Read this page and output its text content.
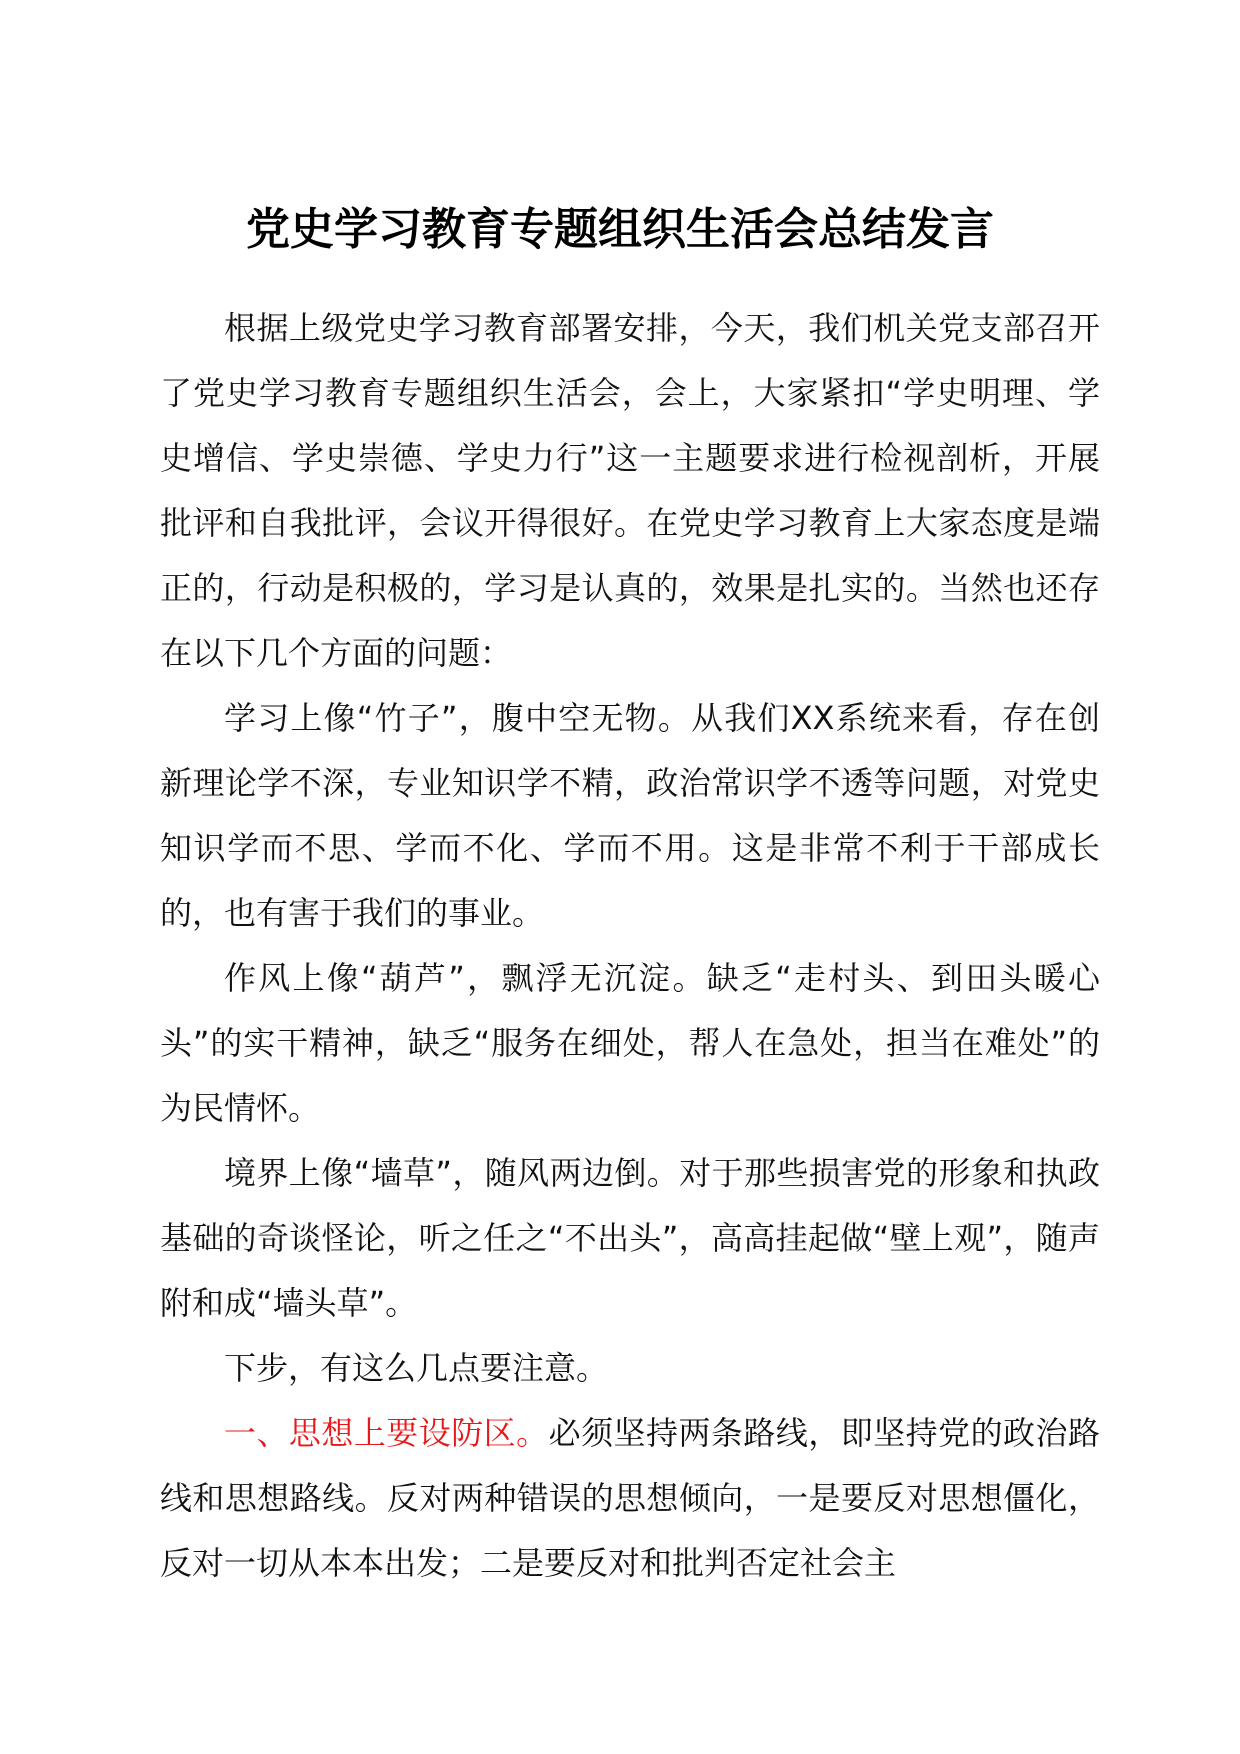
党史学习教育专题组织生活会总结发言

根据上级党史学习教育部署安排，今天，我们机关党支部召开了党史学习教育专题组织生活会，会上，大家紧扣“学史明理、学史增信、学史崇德、学史力行”这一主题要求进行检视剖析，开展批评和自我批评，会议开得很好。在党史学习教育上大家态度是端正的，行动是积极的，学习是认真的，效果是扎实的。当然也还存在以下几个方面的问题：

学习上像“竹子”，腹中空无物。从我们XX系统来看，存在创新理论学不深，专业知识学不精，政治常识学不透等问题，对党史知识学而不思、学而不化、学而不用。这是非常不利于干部成长的，也有害于我们的事业。

作风上像“葫芦”，飘浮无沉淀。缺乏“走村头、到田头暖心头”的实干精神，缺乏“服务在细处，帮人在急处，担当在难处”的为民情怀。

境界上像“墙草”，随风两边倒。对于那些损害党的形象和执政基础的奇谈怪论，听之任之“不出头”，高高挂起做“壁上观”，随声附和成“墙头草”。

下步，有这么几点要注意。

一、思想上要设防区。必须坚持两条路线，即坚持党的政治路线和思想路线。反对两种错误的思想倾向，一是要反对思想僵化，反对一切从本本出发；二是要反对和批判否定社会主
